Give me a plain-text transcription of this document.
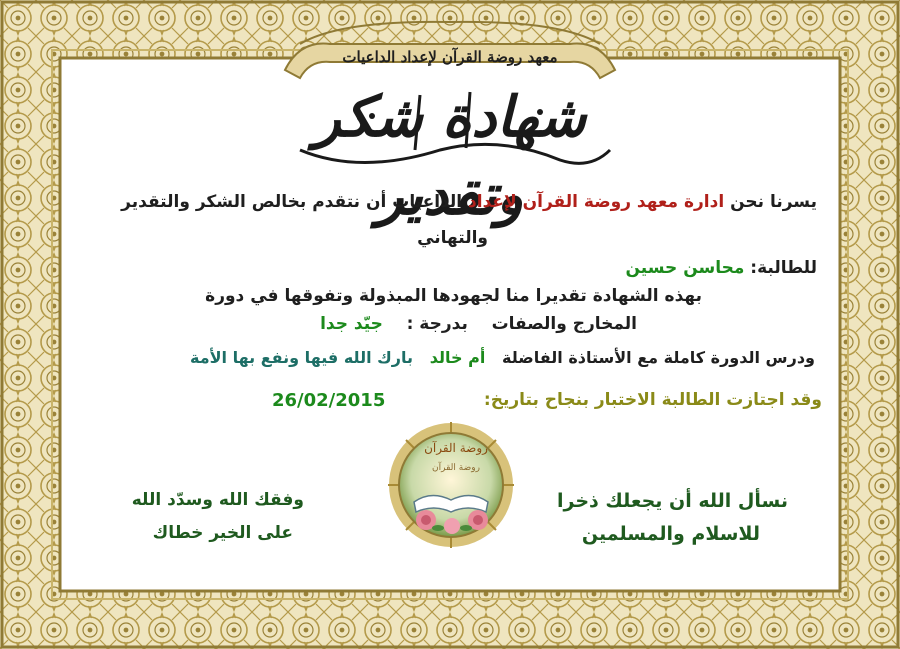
معهد روضة القرآن لإعداد الداعيات
شهادة شكر وتقدير	يسرنا نحن ادارة معهد روضة القرآن لإعداد الداعيات أن نتقدم بخالص الشكر والتقدير
والتهاني
للطالبة: محاسن حسين
بهذه الشهادة تقديرا منا لجهودها المبذولة وتفوقها في دورة
المخارج والصفات    بدرجة :    جيّد جدا
ودرس الدورة كاملة مع الأستاذة الفاضلة   أم خالد   بارك الله فيها ونفع بها الأمة
وقد اجتازت الطالبة الاختبار بنجاح بتاريخ:
26/02/2015
روضة القرآن
روضة القرآن
نسأل الله أن يجعلك ذخرا
للاسلام والمسلمين
وفقك الله وسدّد الله
على الخير خطاك
